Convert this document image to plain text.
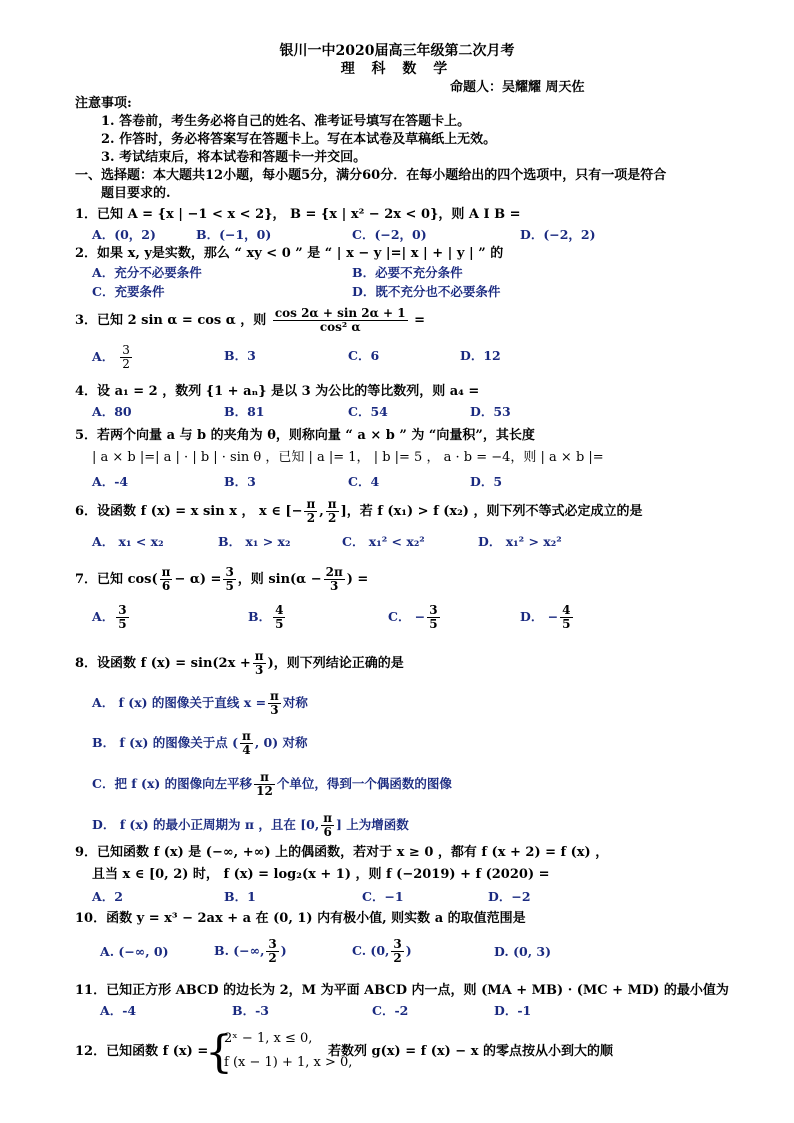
银川一中2020届高三年级第二次月考
理 科 数 学
命题人：吴耀耀 周天佐
注意事项:
1. 答卷前，考生务必将自己的姓名、准考证号填写在答题卡上。
2. 作答时，务必将答案写在答题卡上。写在本试卷及草稿纸上无效。
3. 考试结束后，将本试卷和答题卡一并交回。
一、选择题：本大题共12小题，每小题5分，满分60分．在每小题给出的四个选项中，只有一项是符合
题目要求的.
1．已知 A = {x | −1 < x < 2}， B = {x | x² − 2x < 0}，则 A I B =
A．(0，2)	B．(−1，0)	C．(−2，0)	D．(−2，2)
2．如果 x, y是实数，那么 “ xy < 0 ” 是 “ | x − y |=| x | + | y | ” 的
A．充分不必要条件	B．必要不充分条件
C．充要条件	D．既不充分也不必要条件
3．已知 2 sin α = cos α ，则 $\frac{\cos 2\alpha + \sin 2\alpha + 1}{\text{cos² α}}$ =
A． $\frac{3}{2}$	B．3	C．6	D．12
4．设 a₁ = 2 ，数列 {1 + aₙ} 是以 3 为公比的等比数列，则 a₄ =
A．80	B．81	C．54	D．53
5．若两个向量 a 与 b 的夹角为 θ，则称向量 “ a × b ” 为 “向量积”，其长度
| a × b |=| a | · | b | · sin θ ，已知 | a |= 1， | b |= 5 ， a · b = −4，则 | a × b |=
A．-4	B．3	C．4	D．5
6．设函数 f (x) = x sin x ， x ∈ [− $\frac{\pi}{2}$ , $\frac{\pi}{2}$ ]，若 f (x₁) > f (x₂) ，则下列不等式必定成立的是
A． x₁ < x₂	B． x₁ > x₂	C． x₁² < x₂²	D． x₁² > x₂²
7．已知 $\cos( \frac{\pi}{6} - \alpha) = \frac{3}{5}$ ，则 $\sin(\alpha - \frac{2\pi}{3}$ ) =
A． $\frac{3}{5}$	B． $\frac{4}{5}$	C． − $\frac{3}{5}$	D． − $\frac{4}{5}$
8．设函数 f $(x) = \sin(2x + \frac{\pi}{3}$ )，则下列结论正确的是
A． f (x) 的图像关于直线 $x = \frac{\pi}{3}$ 对称
B． f (x) 的图像关于点 ( $\frac{\pi}{4}$ , 0) 对称
C．把 f (x) 的图像向左平移 $\frac{\pi}{12}$ 个单位，得到一个偶函数的图像
D． f (x) 的最小正周期为 π ，且在 [0, $\frac{\pi}{6}$ ] 上为增函数

9．已知函数 f (x) 是 (−∞, +∞) 上的偶函数，若对于 x ≥ 0 ，都有 f (x + 2) = f (x) ，
且当 x ∈ [0, 2) 时， f (x) = log₂(x + 1) ，则 f (−2019) + f (2020) =
A．2	B．1	C．−1	D．−2
10．函数 y = x³ − 2ax + a 在 (0, 1) 内有极小值, 则实数 a 的取值范围是
A. (−∞, 0)	B. (−∞, $\frac{3}{2}$ )	C. (0, $\frac{3}{2}$ )	D. (0, 3)
11．已知正方形 ABCD 的边长为 2，M 为平面 ABCD 内一点，则 (MA + MB) · (MC + MD) 的最小值为
A．-4	B．-3	C．-2	D．-1
12．已知函数 f (x) =
{
2ˣ − 1, x ≤ 0,
f (x − 1) + 1, x > 0,
若数列 g(x) = f (x) − x 的零点按从小到大的顺
